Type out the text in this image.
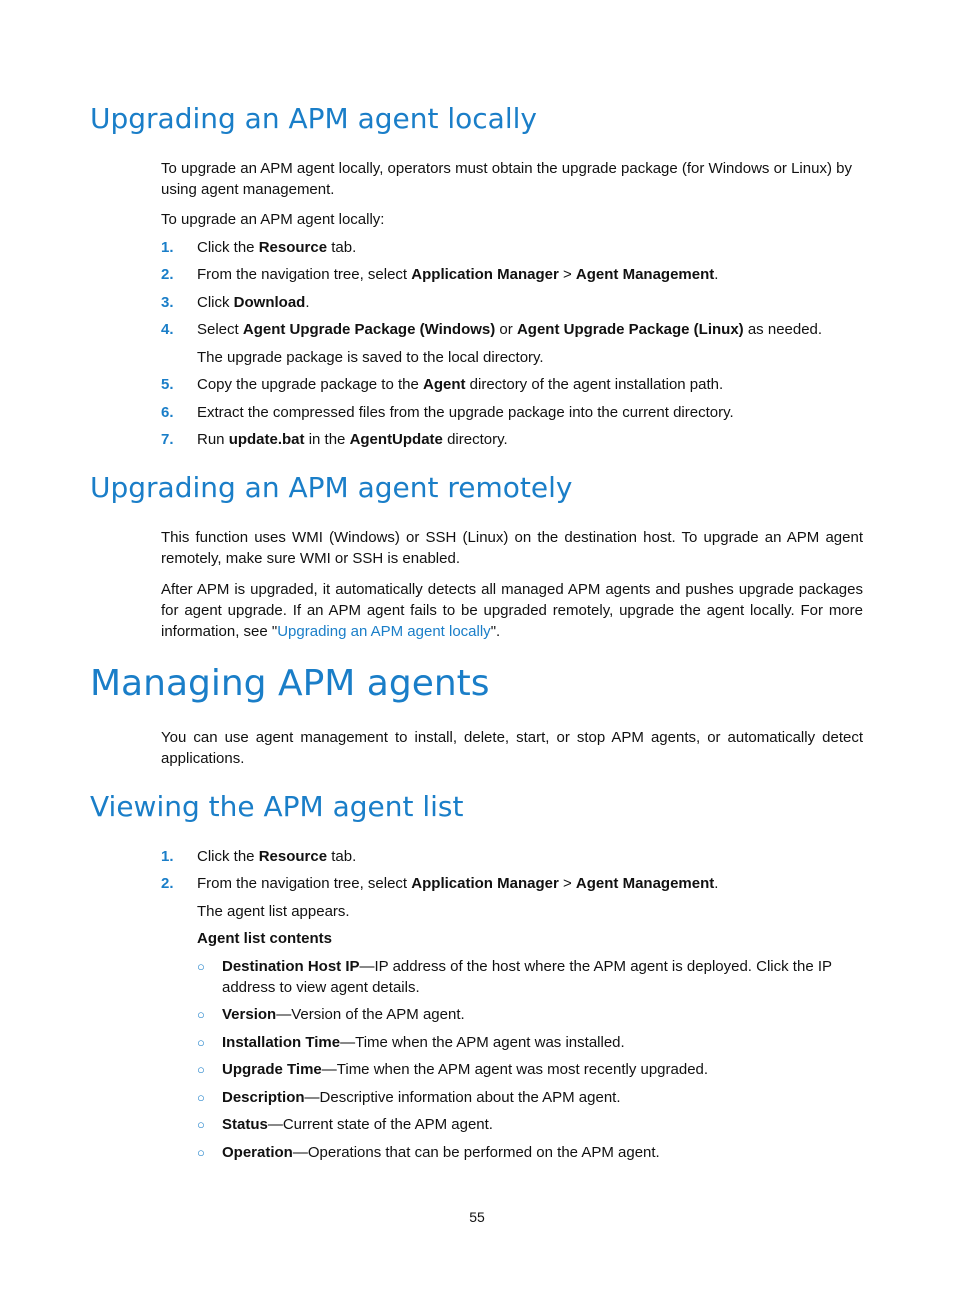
Upgrading an APM agent locally

To upgrade an APM agent locally, operators must obtain the upgrade package (for Windows or Linux) by using agent management.

To upgrade an APM agent locally:

1. Click the Resource tab.
2. From the navigation tree, select Application Manager > Agent Management.
3. Click Download.
4. Select Agent Upgrade Package (Windows) or Agent Upgrade Package (Linux) as needed.
The upgrade package is saved to the local directory.
5. Copy the upgrade package to the Agent directory of the agent installation path.
6. Extract the compressed files from the upgrade package into the current directory.
7. Run update.bat in the AgentUpdate directory.
Upgrading an APM agent remotely

This function uses WMI (Windows) or SSH (Linux) on the destination host. To upgrade an APM agent remotely, make sure WMI or SSH is enabled.

After APM is upgraded, it automatically detects all managed APM agents and pushes upgrade packages for agent upgrade. If an APM agent fails to be upgraded remotely, upgrade the agent locally. For more information, see "Upgrading an APM agent locally".

Managing APM agents

You can use agent management to install, delete, start, or stop APM agents, or automatically detect applications.

Viewing the APM agent list
1. Click the Resource tab.
2. From the navigation tree, select Application Manager > Agent Management.
The agent list appears.
Agent list contents
○ Destination Host IP—IP address of the host where the APM agent is deployed. Click the IP address to view agent details.
○ Version—Version of the APM agent.
○ Installation Time—Time when the APM agent was installed.
○ Upgrade Time—Time when the APM agent was most recently upgraded.
○ Description—Descriptive information about the APM agent.
○ Status—Current state of the APM agent.
○ Operation—Operations that can be performed on the APM agent.
55
